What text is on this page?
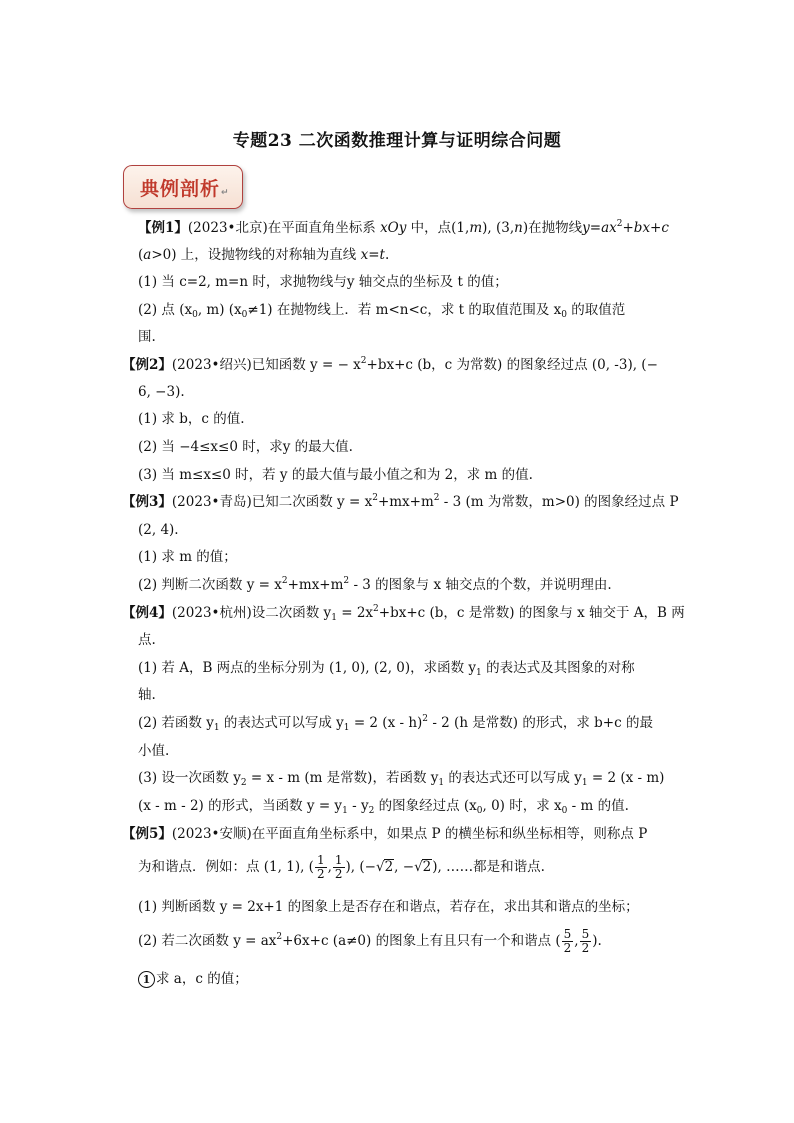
专题23 二次函数推理计算与证明综合问题
典例剖析↵
【例1】(2023•北京)在平面直角坐标系 xOy 中，点(1,m), (3,n)在抛物线$y=ax^2+bx+c$
(a>0) 上，设抛物线的对称轴为直线 x=t.
(1) 当 c=2, m=n 时，求抛物线与y 轴交点的坐标及 t 的值；
(2) 点 ($x_0$, m) $(x_0\ne 1)$ 在抛物线上．若 m<n<c，求 t 的取值范围及 $x_0$ 的取值范
围.
【例2】(2023•绍兴)已知函数 y = − $x^2+bx+c$ (b，c 为常数) 的图象经过点 (0, -3), (−
6, −3).
(1) 求 b，c 的值.
(2) 当 −4≤x≤0 时，求y 的最大值.
(3) 当 m≤x≤0 时，若 y 的最大值与最小值之和为 2，求 m 的值.
【例3】(2023•青岛)已知二次函数 $y = x^2+mx+m^2 - 3$ (m 为常数，m>0) 的图象经过点 P
(2, 4).
(1) 求 m 的值；
(2) 判断二次函数 $y = x^2+mx+m^2 - 3$ 的图象与 x 轴交点的个数，并说明理由.
【例4】(2023•杭州)设二次函数 $y_1 = 2x^2+bx+c$ (b，c 是常数) 的图象与 x 轴交于 A，B 两
点.
(1) 若 A，B 两点的坐标分别为 (1, 0), (2, 0)，求函数 $y_1$ 的表达式及其图象的对称
轴.
(2) 若函数 $y_1$ 的表达式可以写成 $y_1 = 2$ (x - h)$^2$ - 2 (h 是常数) 的形式，求 b+c 的最
小值.
(3) 设一次函数 $y_2 = x - m$ (m 是常数)，若函数 $y_1$ 的表达式还可以写成 $y_1 = 2$ (x - m)
(x - m - 2) 的形式，当函数 $y = y_1 - y_2$ 的图象经过点 ($x_0$, 0) 时，求 $x_0$ - m 的值.
【例5】(2023•安顺)在平面直角坐标系中，如果点 P 的横坐标和纵坐标相等，则称点 P
为和谐点．例如：点 (1, 1), ( $\frac{1}{2}$ , $\frac{1}{2}$ ), (−√2, −√2), ……都是和谐点.
(1) 判断函数 y = 2x+1 的图象上是否存在和谐点，若存在，求出其和谐点的坐标；
(2) 若二次函数 $y = ax^2+6x+c$ (a≠0) 的图象上有且只有一个和谐点 ( $\frac{5}{2}$ , $\frac{5}{2}$ ).
1 求 a，c 的值；
